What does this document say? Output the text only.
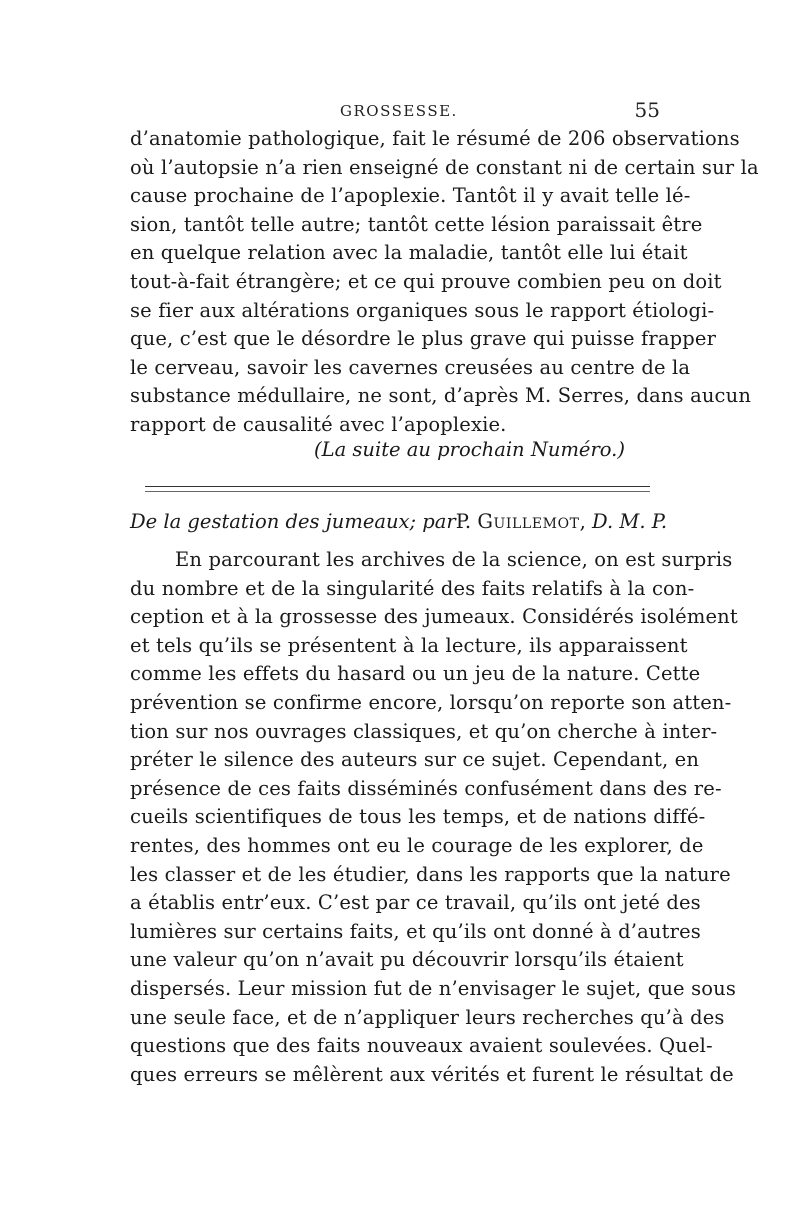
GROSSESSE.	55
d’anatomie pathologique, fait le résumé de 206 observations
où l’autopsie n’a rien enseigné de constant ni de certain sur la
cause prochaine de l’apoplexie. Tantôt il y avait telle lé-
sion, tantôt telle autre; tantôt cette lésion paraissait être
en quelque relation avec la maladie, tantôt elle lui était
tout-à-fait étrangère; et ce qui prouve combien peu on doit
se fier aux altérations organiques sous le rapport étiologi-
que, c’est que le désordre le plus grave qui puisse frapper
le cerveau, savoir les cavernes creusées au centre de la
substance médullaire, ne sont, d’après M. Serres, dans aucun
rapport de causalité avec l’apoplexie.
(La suite au prochain Numéro.)
De la gestation des jumeaux; parP. Guillemot, D. M. P.
En parcourant les archives de la science, on est surpris
du nombre et de la singularité des faits relatifs à la con-
ception et à la grossesse des jumeaux. Considérés isolément
et tels qu’ils se présentent à la lecture, ils apparaissent
comme les effets du hasard ou un jeu de la nature. Cette
prévention se confirme encore, lorsqu’on reporte son atten-
tion sur nos ouvrages classiques, et qu’on cherche à inter-
préter le silence des auteurs sur ce sujet. Cependant, en
présence de ces faits disséminés confusément dans des re-
cueils scientifiques de tous les temps, et de nations diffé-
rentes, des hommes ont eu le courage de les explorer, de
les classer et de les étudier, dans les rapports que la nature
a établis entr’eux. C’est par ce travail, qu’ils ont jeté des
lumières sur certains faits, et qu’ils ont donné à d’autres
une valeur qu’on n’avait pu découvrir lorsqu’ils étaient
dispersés. Leur mission fut de n’envisager le sujet, que sous
une seule face, et de n’appliquer leurs recherches qu’à des
questions que des faits nouveaux avaient soulevées. Quel-
ques erreurs se mêlèrent aux vérités et furent le résultat de
